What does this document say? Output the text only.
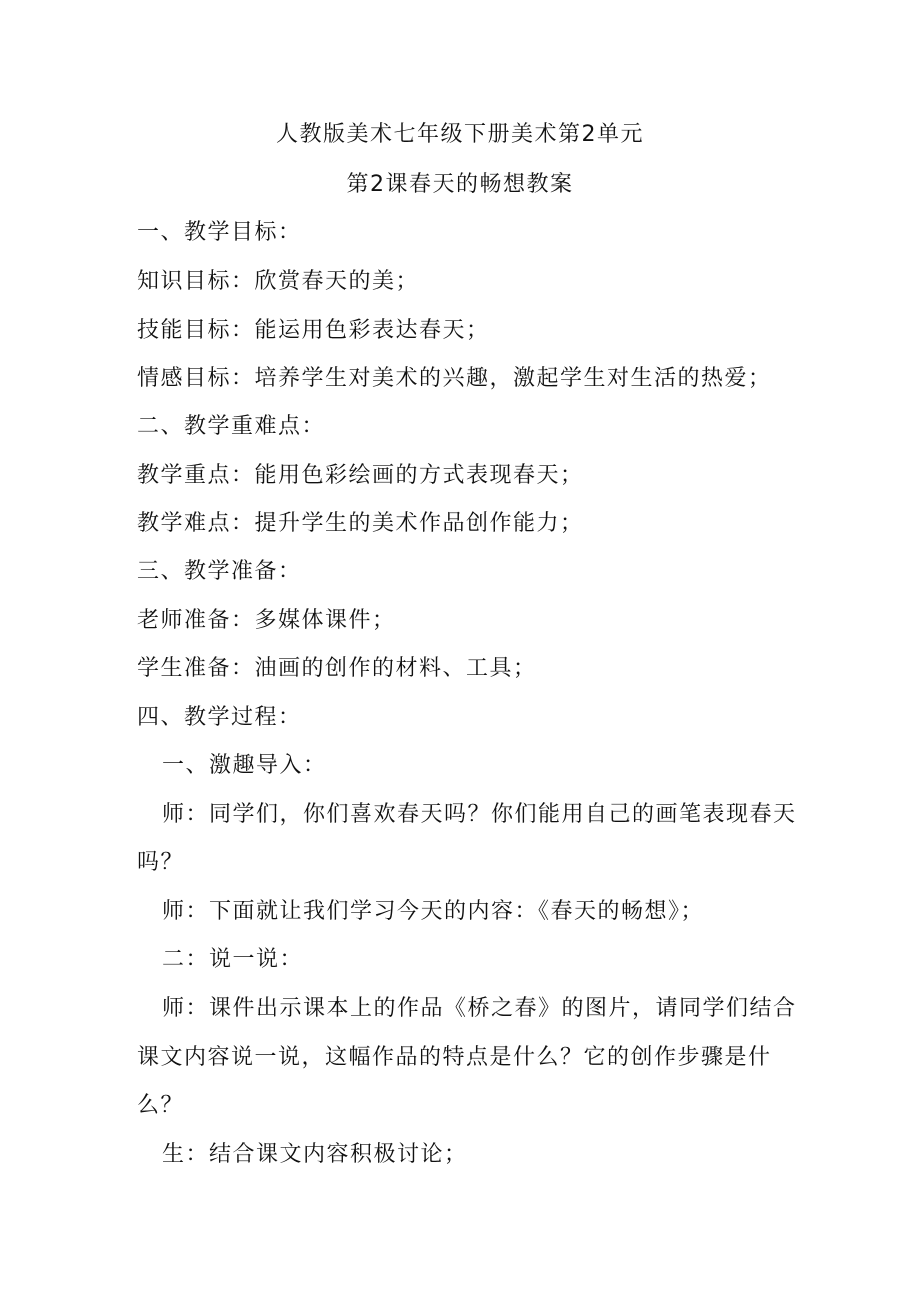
人教版美术七年级下册美术第2单元
第2课春天的畅想教案
一、教学目标：
知识目标：欣赏春天的美；
技能目标：能运用色彩表达春天；
情感目标：培养学生对美术的兴趣，激起学生对生活的热爱；
二、教学重难点：
教学重点：能用色彩绘画的方式表现春天；
教学难点：提升学生的美术作品创作能力；
三、教学准备：
老师准备：多媒体课件；
学生准备：油画的创作的材料、工具；
四、教学过程：
一、激趣导入：
师：同学们，你们喜欢春天吗？你们能用自己的画笔表现春天
吗？
师：下面就让我们学习今天的内容：《春天的畅想》；
二：说一说：
师：课件出示课本上的作品《桥之春》的图片，请同学们结合
课文内容说一说，这幅作品的特点是什么？它的创作步骤是什
么？
生：结合课文内容积极讨论；
